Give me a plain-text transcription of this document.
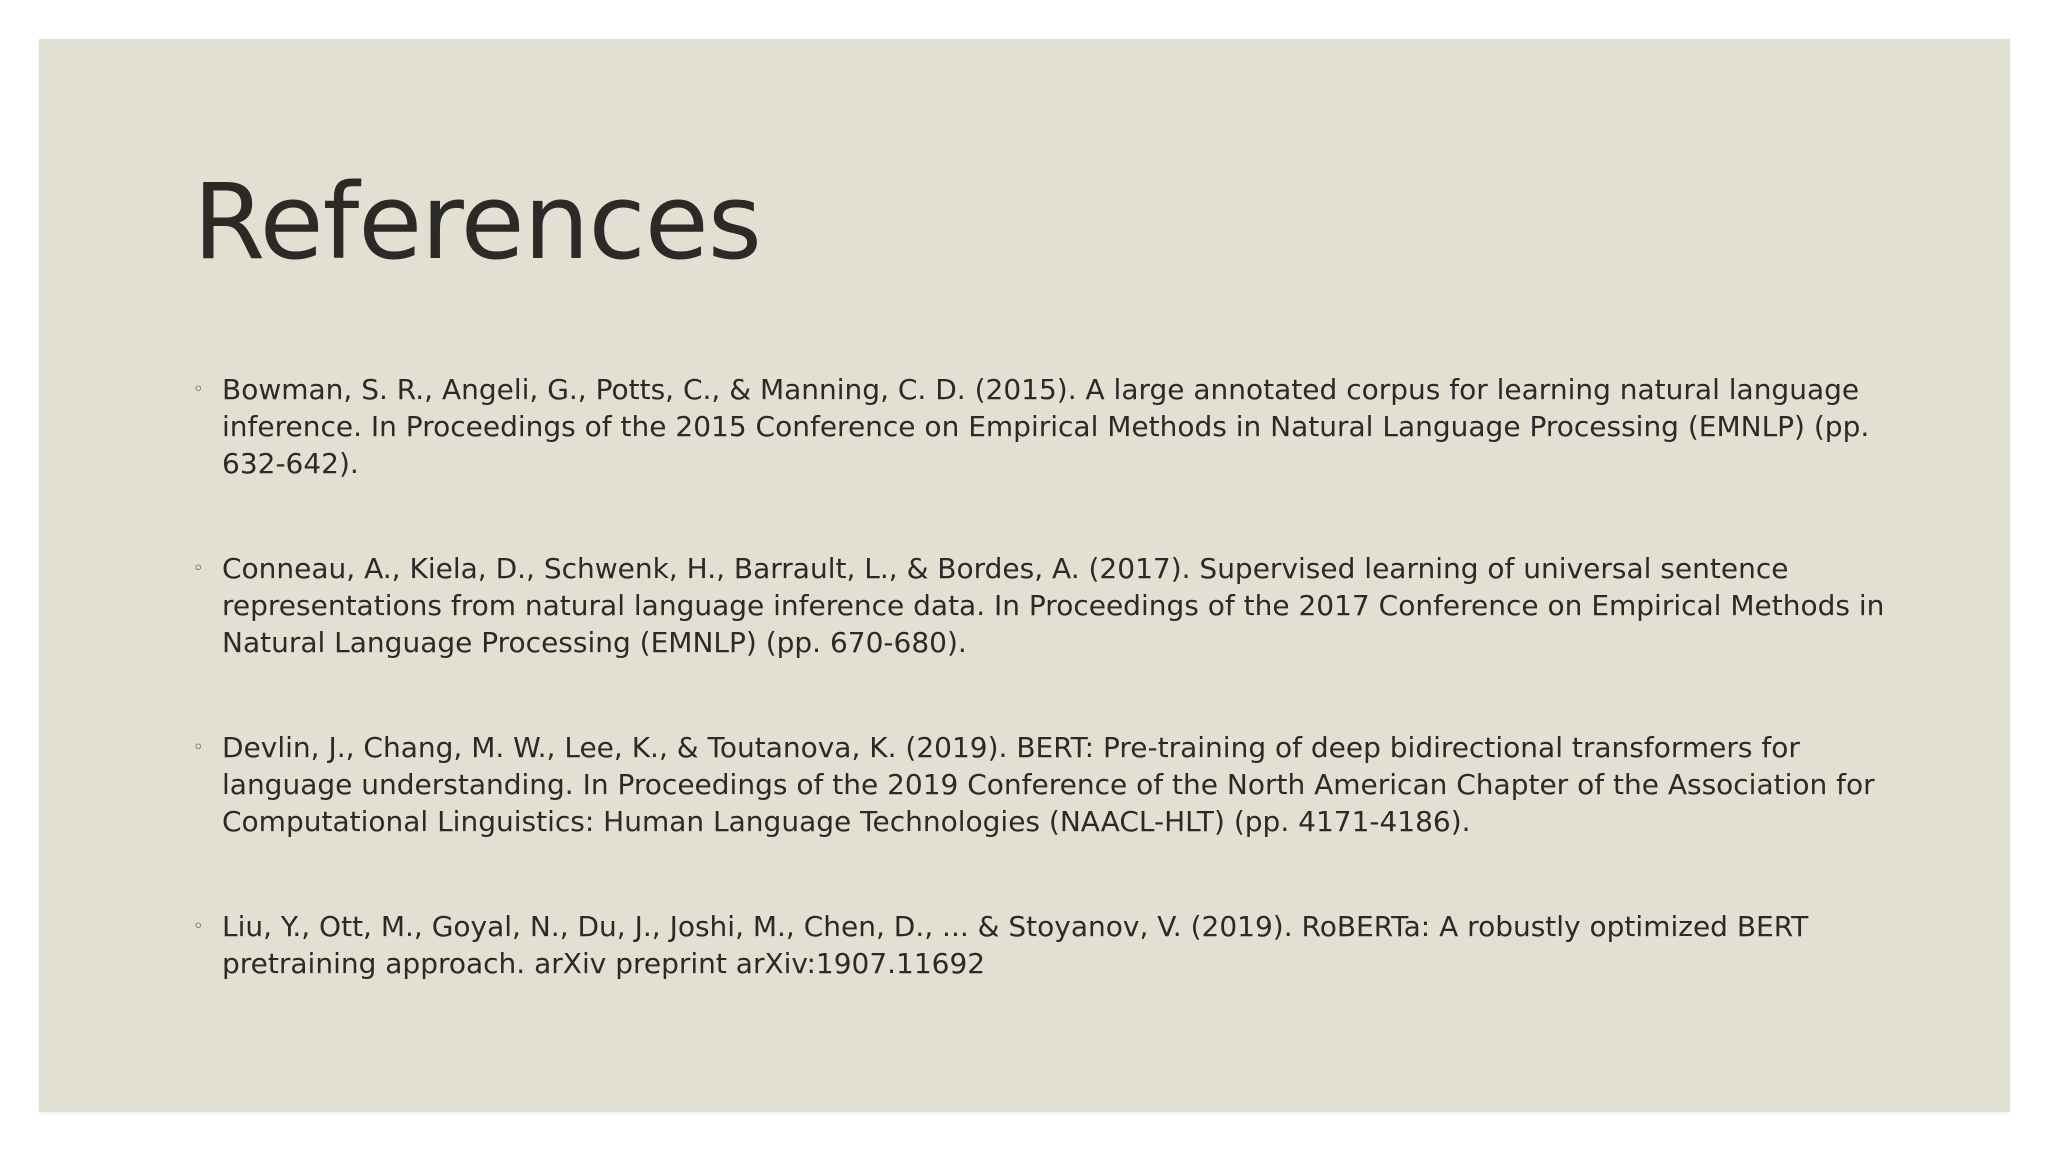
References
◦ Bowman, S. R., Angeli, G., Potts, C., & Manning, C. D. (2015). A large annotated corpus for learning natural language inference. In Proceedings of the 2015 Conference on Empirical Methods in Natural Language Processing (EMNLP) (pp. 632-642).
◦ Conneau, A., Kiela, D., Schwenk, H., Barrault, L., & Bordes, A. (2017). Supervised learning of universal sentence representations from natural language inference data. In Proceedings of the 2017 Conference on Empirical Methods in Natural Language Processing (EMNLP) (pp. 670-680).
◦ Devlin, J., Chang, M. W., Lee, K., & Toutanova, K. (2019). BERT: Pre-training of deep bidirectional transformers for language understanding. In Proceedings of the 2019 Conference of the North American Chapter of the Association for Computational Linguistics: Human Language Technologies (NAACL-HLT) (pp. 4171-4186).
◦ Liu, Y., Ott, M., Goyal, N., Du, J., Joshi, M., Chen, D., ... & Stoyanov, V. (2019). RoBERTa: A robustly optimized BERT pretraining approach. arXiv preprint arXiv:1907.11692
